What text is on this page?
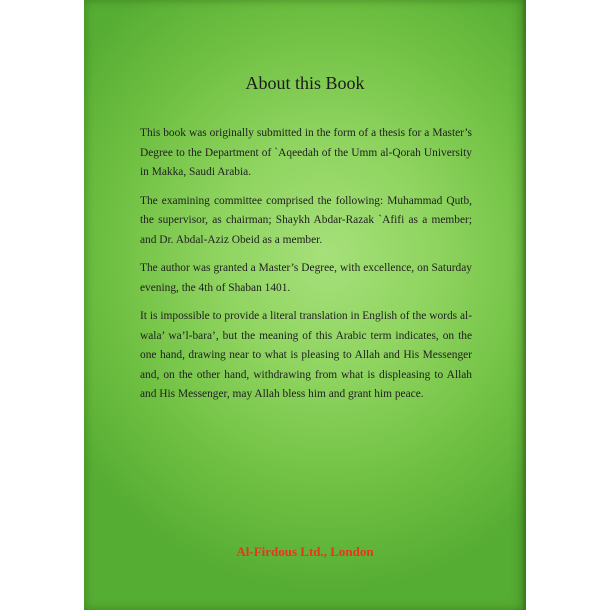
About this Book

This book was originally submitted in the form of a thesis for a Master’s Degree to the Department of `Aqeedah of the Umm al-Qorah University in Makka, Saudi Arabia.

The examining committee comprised the following: Muhammad Qutb, the supervisor, as chairman; Shaykh Abdar-Razak `Afifi as a member; and Dr. Abdal-Aziz Obeid as a member.

The author was granted a Master’s Degree, with excellence, on Saturday evening, the 4th of Shaban 1401.

It is impossible to provide a literal translation in English of the words al-wala’ wa’l-bara’, but the meaning of this Arabic term indicates, on the one hand, drawing near to what is pleasing to Allah and His Messenger and, on the other hand, withdrawing from what is displeasing to Allah and His Messenger, may Allah bless him and grant him peace.

Al-Firdous Ltd., London
